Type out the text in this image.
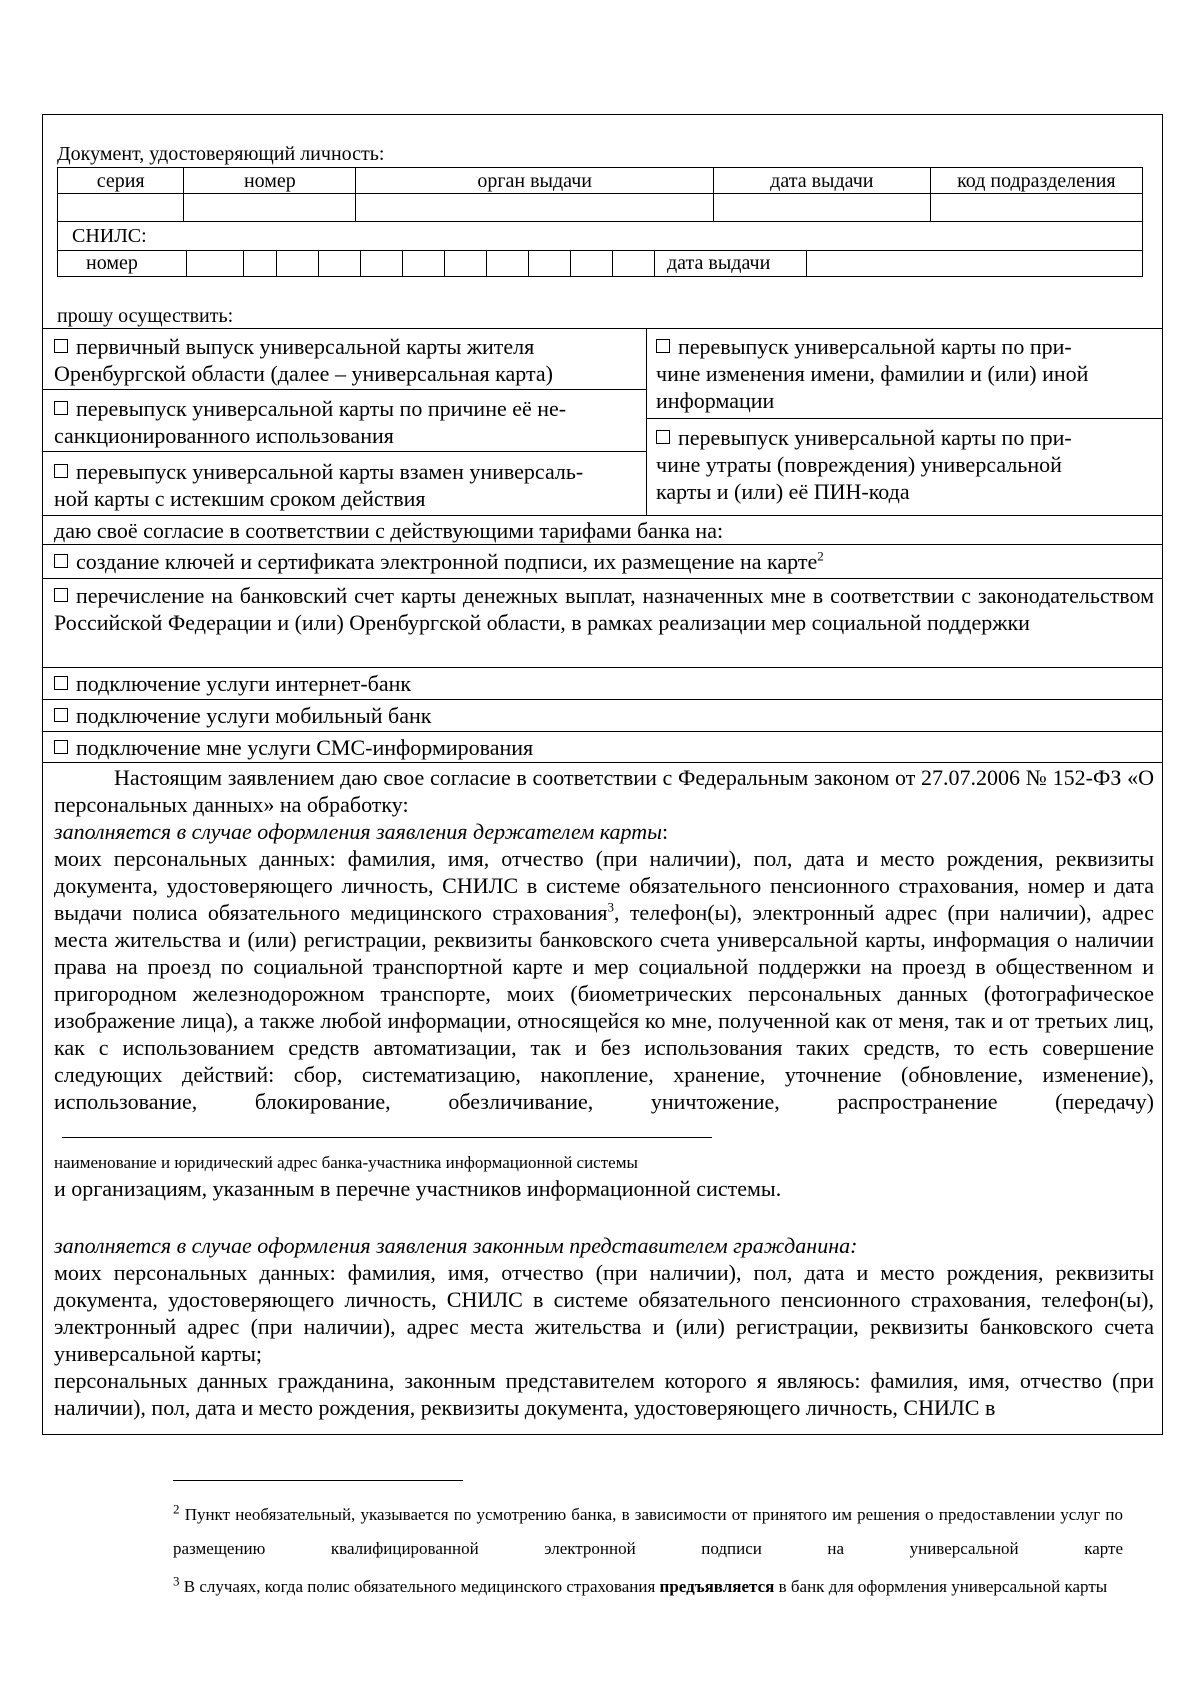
Документ, удостоверяющий личность:
серия	номер	орган выдачи	дата выдачи	код подразделения

СНИЛС:
номер	дата выдачи
прошу осуществить:
первичный выпуск универсальной карты жителя
Оренбургской области (далее – универсальная карта)
перевыпуск универсальной карты по причине её не-
санкционированного использования
перевыпуск универсальной карты взамен универсаль-
ной карты с истекшим сроком действия
перевыпуск универсальной карты по при-
чине изменения имени, фамилии и (или) иной
информации
перевыпуск универсальной карты по при-
чине утраты (повреждения) универсальной
карты и (или) её ПИН-кода
даю своё согласие в соответствии с действующими тарифами банка на:
создание ключей и сертификата электронной подписи, их размещение на карте$^2$
перечисление на банковский счет карты денежных выплат, назначенных мне в соответствии с законодательством Российской Федерации и (или) Оренбургской области, в рамках реализации мер социальной поддержки
подключение услуги интернет-банк
подключение услуги мобильный банк
подключение мне услуги СМС-информирования
Настоящим заявлением даю свое согласие в соответствии с Федеральным законом от 27.07.2006 № 152-ФЗ «О персональных данных» на обработку:
заполняется в случае оформления заявления держателем карты:
моих персональных данных: фамилия, имя, отчество (при наличии), пол, дата и место рождения, реквизиты документа, удостоверяющего личность, СНИЛС в системе обязательного пенсионного страхования, номер и дата выдачи полиса обязательного медицинского страхования$^3$, телефон(ы), электронный адрес (при наличии), адрес места жительства и (или) регистрации, реквизиты банковского счета универсальной карты, информация о наличии права на проезд по социальной транспортной карте и мер социальной поддержки на проезд в общественном и пригородном железнодорожном транспорте, моих (биометрических персональных данных (фотографическое изображение лица), а также любой информации, относящейся ко мне, полученной как от меня, так и от третьих лиц, как с использованием средств автоматизации, так и без использования таких средств, то есть совершение следующих действий: сбор, систематизацию, накопление, хранение, уточнение (обновление, изменение), использование, блокирование, обезличивание, уничтожение, распространение (передачу)
наименование и юридический адрес банка-участника информационной системы
и организациям, указанным в перечне участников информационной системы.
заполняется в случае оформления заявления законным представителем гражданина:
моих персональных данных: фамилия, имя, отчество (при наличии), пол, дата и место рождения, реквизиты документа, удостоверяющего личность, СНИЛС в системе обязательного пенсионного страхования, телефон(ы), электронный адрес (при наличии), адрес места жительства и (или) регистрации, реквизиты банковского счета универсальной карты;
персональных данных гражданина, законным представителем которого я являюсь: фамилия, имя, отчество (при наличии), пол, дата и место рождения, реквизиты документа, удостоверяющего личность, СНИЛС в
$^2$ Пункт необязательный, указывается по усмотрению банка, в зависимости от принятого им решения о предоставлении услуг по размещению квалифицированной электронной подписи на универсальной карте
$^3$ В случаях, когда полис обязательного медицинского страхования предъявляется в банк для оформления универсальной карты
